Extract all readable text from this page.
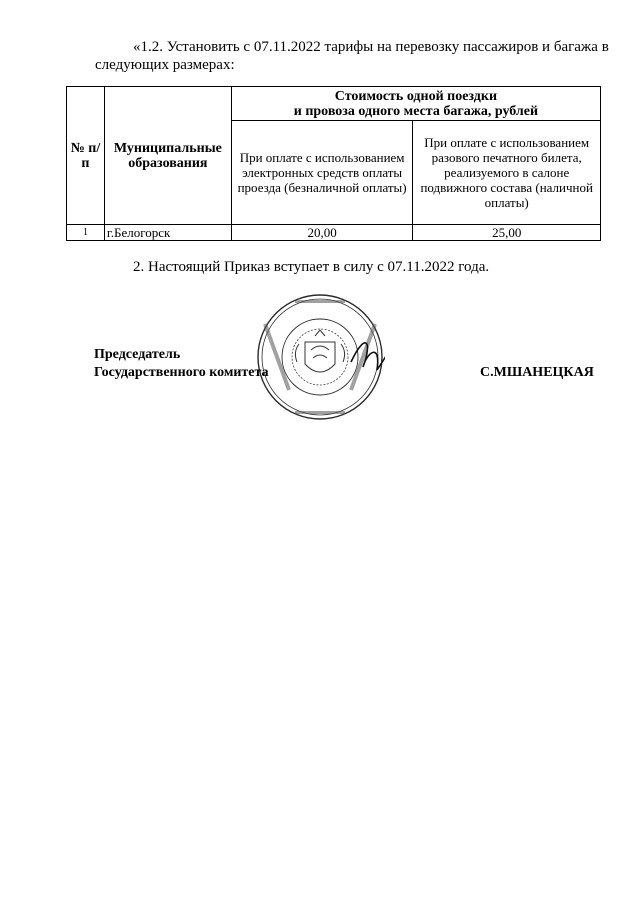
«1.2. Установить с 07.11.2022 тарифы на перевозку пассажиров и багажа в следующих размерах:

№ п/п	Муниципальные образования	Стоимость одной поездки
и провоза одного места багажа, рублей	

		При оплате с использованием электронных средств оплаты проезда (безналичной оплаты)	При оплате с использованием разового печатного билета, реализуемого в салоне подвижного состава (наличной оплаты)
1	г.Белогорск	20,00	25,00

2. Настоящий Приказ вступает в силу с 07.11.2022 года.

Председатель
Государственного комитета	С.МШАНЕЦКАЯ
